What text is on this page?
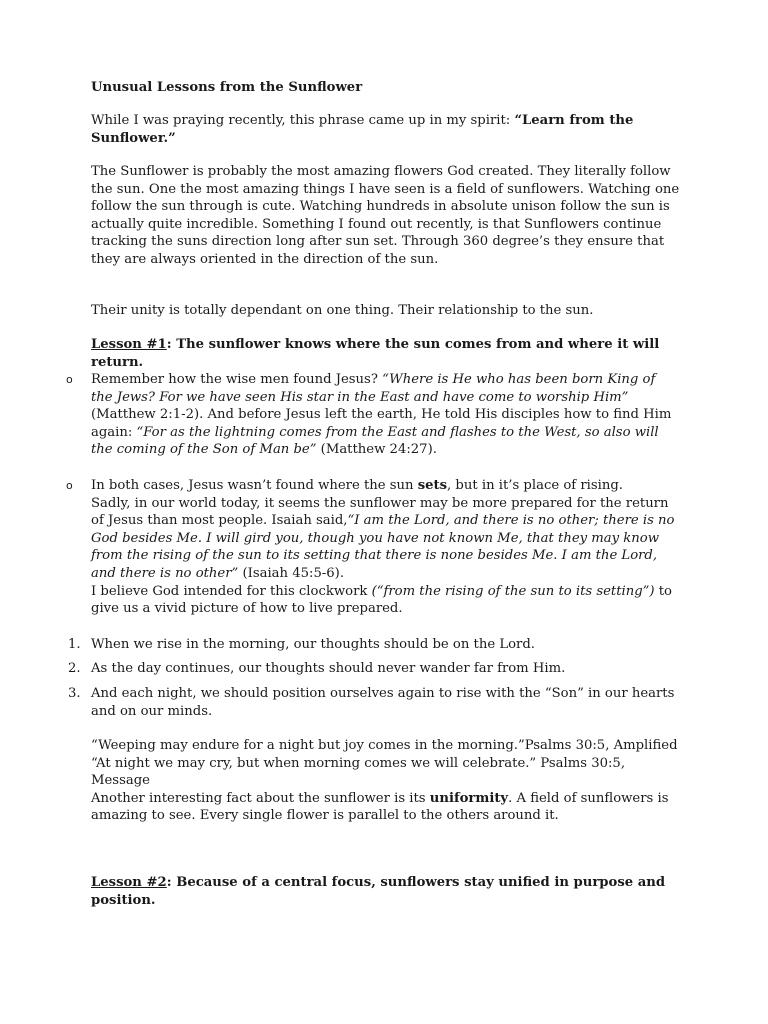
Unusual Lessons from the Sunflower

While I was praying recently, this phrase came up in my spirit: “Learn from the Sunflower.”

The Sunflower is probably the most amazing flowers God created. They literally follow the sun. One the most amazing things I have seen is a field of sunflowers. Watching one follow the sun through is cute. Watching hundreds in absolute unison follow the sun is actually quite incredible. Something I found out recently, is that Sunflowers continue tracking the suns direction long after sun set. Through 360 degree’s they ensure that they are always oriented in the direction of the sun.

Their unity is totally dependant on one thing. Their relationship to the sun.

Lesson #1: The sunflower knows where the sun comes from and where it will return.

o Remember how the wise men found Jesus? “Where is He who has been born King of the Jews? For we have seen His star in the East and have come to worship Him” (Matthew 2:1-2). And before Jesus left the earth, He told His disciples how to find Him again: “For as the lightning comes from the East and flashes to the West, so also will the coming of the Son of Man be” (Matthew 24:27).
o In both cases, Jesus wasn’t found where the sun sets, but in it’s place of rising.
Sadly, in our world today, it seems the sunflower may be more prepared for the return of Jesus than most people. Isaiah said,“I am the Lord, and there is no other; there is no God besides Me. I will gird you, though you have not known Me, that they may know from the rising of the sun to its setting that there is none besides Me. I am the Lord, and there is no other” (Isaiah 45:5-6).
I believe God intended for this clockwork (“from the rising of the sun to its setting”) to give us a vivid picture of how to live prepared.
1. When we rise in the morning, our thoughts should be on the Lord.
2. As the day continues, our thoughts should never wander far from Him.
3. And each night, we should position ourselves again to rise with the “Son” in our hearts and on our minds.
“Weeping may endure for a night but joy comes in the morning.”Psalms 30:5, Amplified
“At night we may cry, but when morning comes we will celebrate.” Psalms 30:5, Message
Another interesting fact about the sunflower is its uniformity. A field of sunflowers is amazing to see. Every single flower is parallel to the others around it.

Lesson #2: Because of a central focus, sunflowers stay unified in purpose and position.
